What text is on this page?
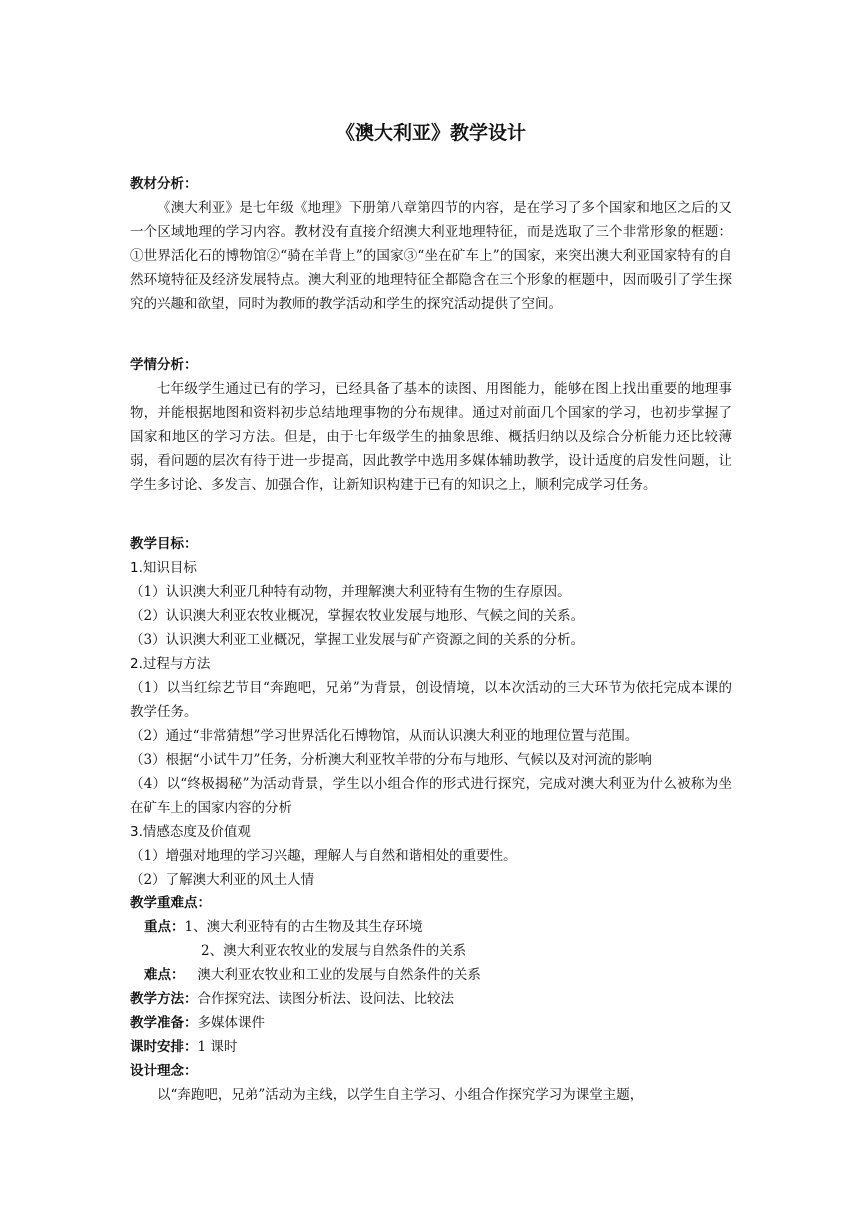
《澳大利亚》教学设计
教材分析：
《澳大利亚》是七年级《地理》下册第八章第四节的内容，是在学习了多个国家和地区之后的又一个区域地理的学习内容。教材没有直接介绍澳大利亚地理特征，而是选取了三个非常形象的框题：①世界活化石的博物馆②“骑在羊背上”的国家③“坐在矿车上”的国家，来突出澳大利亚国家特有的自然环境特征及经济发展特点。澳大利亚的地理特征全都隐含在三个形象的框题中，因而吸引了学生探究的兴趣和欲望，同时为教师的教学活动和学生的探究活动提供了空间。
学情分析：
七年级学生通过已有的学习，已经具备了基本的读图、用图能力，能够在图上找出重要的地理事物，并能根据地图和资料初步总结地理事物的分布规律。通过对前面几个国家的学习，也初步掌握了国家和地区的学习方法。但是，由于七年级学生的抽象思维、概括归纳以及综合分析能力还比较薄弱，看问题的层次有待于进一步提高，因此教学中选用多媒体辅助教学，设计适度的启发性问题，让学生多讨论、多发言、加强合作，让新知识构建于已有的知识之上，顺利完成学习任务。
教学目标：
1.知识目标
（1）认识澳大利亚几种特有动物，并理解澳大利亚特有生物的生存原因。
（2）认识澳大利亚农牧业概况，掌握农牧业发展与地形、气候之间的关系。
（3）认识澳大利亚工业概况，掌握工业发展与矿产资源之间的关系的分析。
2.过程与方法
（1）以当红综艺节目“奔跑吧，兄弟”为背景，创设情境，以本次活动的三大环节为依托完成本课的教学任务。
（2）通过“非常猜想”学习世界活化石博物馆，从而认识澳大利亚的地理位置与范围。
（3）根据“小试牛刀”任务，分析澳大利亚牧羊带的分布与地形、气候以及对河流的影响
（4）以“终极揭秘”为活动背景，学生以小组合作的形式进行探究，完成对澳大利亚为什么被称为坐在矿车上的国家内容的分析
3.情感态度及价值观
（1）增强对地理的学习兴趣，理解人与自然和谐相处的重要性。
（2）了解澳大利亚的风土人情
教学重难点：
重点：1、澳大利亚特有的古生物及其生存环境
2、澳大利亚农牧业的发展与自然条件的关系
难点： 澳大利亚农牧业和工业的发展与自然条件的关系
教学方法：合作探究法、读图分析法、设问法、比较法
教学准备：多媒体课件
课时安排：1 课时
设计理念：
以“奔跑吧，兄弟”活动为主线，以学生自主学习、小组合作探究学习为课堂主题，
